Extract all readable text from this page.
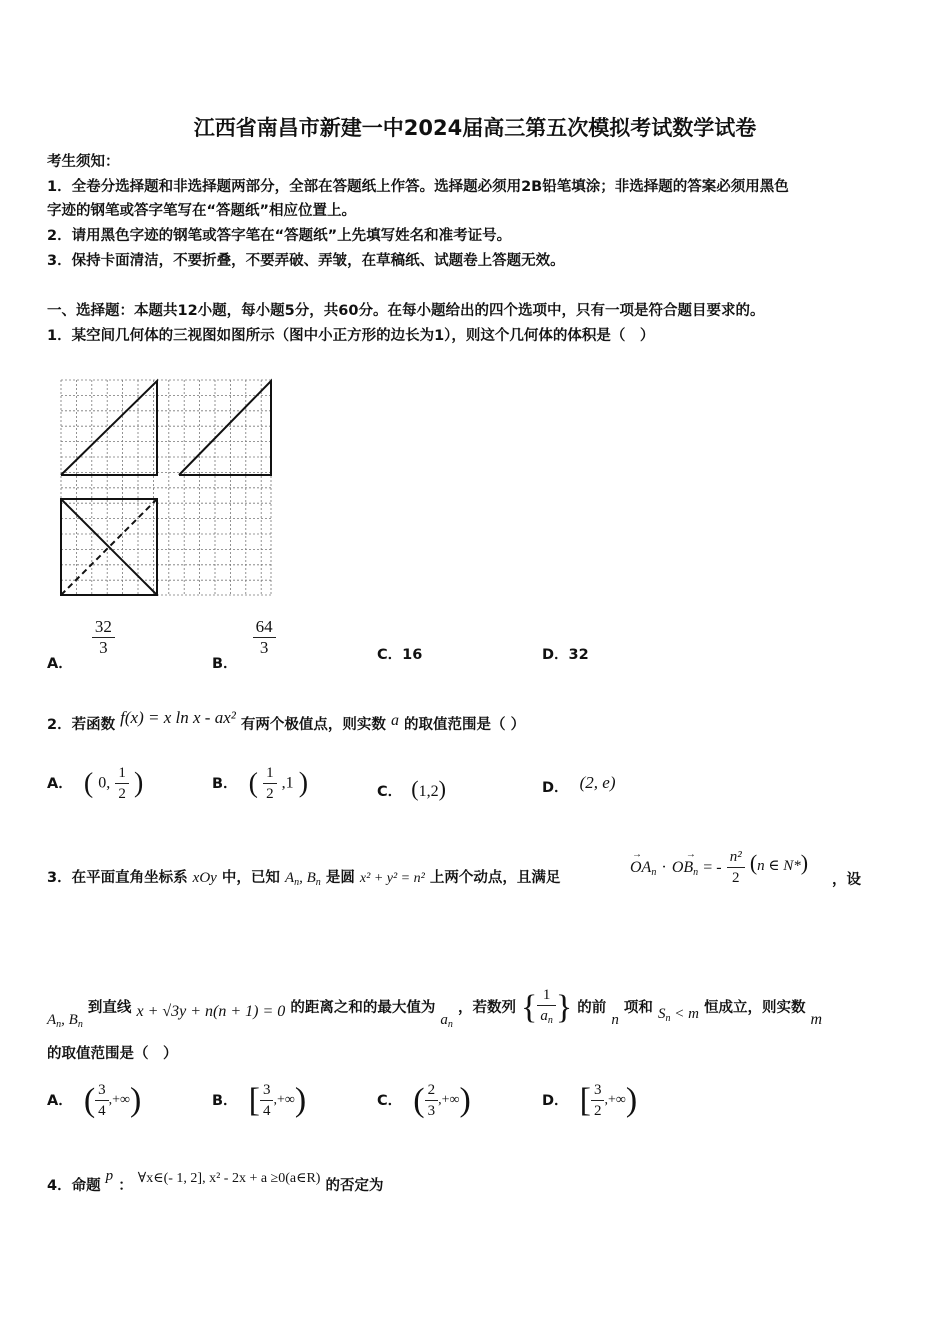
江西省南昌市新建一中2024届高三第五次模拟考试数学试卷
考生须知：
1．全卷分选择题和非选择题两部分，全部在答题纸上作答。选择题必须用2B铅笔填涂；非选择题的答案必须用黑色
字迹的钢笔或答字笔写在“答题纸”相应位置上。
2．请用黑色字迹的钢笔或答字笔在“答题纸”上先填写姓名和准考证号。
3．保持卡面清洁，不要折叠，不要弄破、弄皱，在草稿纸、试题卷上答题无效。
一、选择题：本题共12小题，每小题5分，共60分。在每小题给出的四个选项中，只有一项是符合题目要求的。
1．某空间几何体的三视图如图所示（图中小正方形的边长为1），则这个几何体的体积是（　）
A．
$\frac{32}{3}$
B．
$\frac{64}{3}$	C．16	D．32
2．若函数 f(x) = x ln x - ax² 有两个极值点，则实数 a 的取值范围是（ ）
A． ( 0, $\frac{1}{2}$ )	B． ( $\frac{1}{2} ,1$ )	C． (1,2)	D． (2, e)
3．在平面直角坐标系 xOy 中，已知 $A_n$, $B_n$ 是圆 x² + y² = n² 上两个动点，且满足
→
$OA_n$ ·
→
$OB_n$ = - $\frac{\text{n²}}{2} (n$ ∈ N*)
，设
$A_n$, $B_n$ 到直线 x + √3y + n(n + 1) = 0 的距离之和的最大值为 $a_n$ ，若数列 { $\frac{1}{a_n}$ } 的前 n 项和 $S_n < m$ 恒成立，则实数 m
的取值范围是（　）
A． ( $\frac{3}{4}$ ,+∞)	B． [ $\frac{3}{4}$ ,+∞)	C． ( $\frac{2}{3}$ ,+∞)	D． [ $\frac{3}{2}$ ,+∞)
4．命题 p ： ∀x∈(- 1, 2], x² - 2x + a ≥0(a∈R) 的否定为
